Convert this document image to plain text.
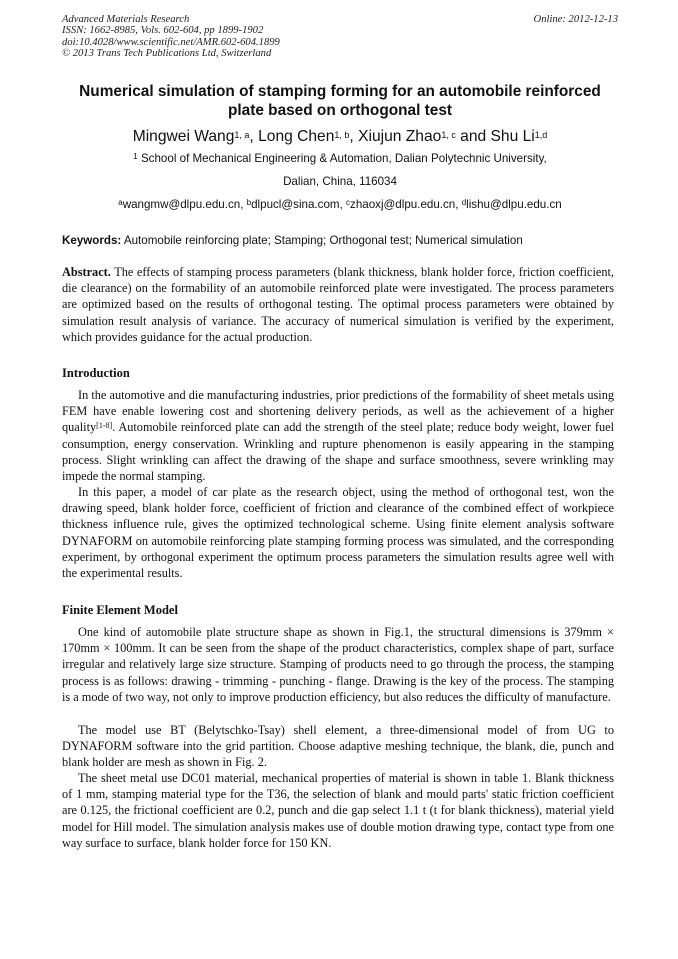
Advanced Materials Research
ISSN: 1662-8985, Vols. 602-604, pp 1899-1902
doi:10.4028/www.scientific.net/AMR.602-604.1899
© 2013 Trans Tech Publications Ltd, Switzerland
Online: 2012-12-13
Numerical simulation of stamping forming for an automobile reinforced plate based on orthogonal test
Mingwei Wang$^{1, a}$, Long Chen$^{1, b}$, Xiujun Zhao$^{1, c}$ and Shu Li$^{1,d}$
$^1$ School of Mechanical Engineering & Automation, Dalian Polytechnic University,
Dalian, China, 116034
$^a$wangmw@dlpu.edu.cn, $^b$dlpucl@sina.com, $^c$zhaoxj@dlpu.edu.cn, $^d$lishu@dlpu.edu.cn
Keywords: Automobile reinforcing plate; Stamping; Orthogonal test; Numerical simulation
Abstract. The effects of stamping process parameters (blank thickness, blank holder force, friction coefficient, die clearance) on the formability of an automobile reinforced plate were investigated. The process parameters are optimized based on the results of orthogonal testing. The optimal process parameters were obtained by simulation result analysis of variance. The accuracy of numerical simulation is verified by the experiment, which provides guidance for the actual production.
Introduction
In the automotive and die manufacturing industries, prior predictions of the formability of sheet metals using FEM have enable lowering cost and shortening delivery periods, as well as the achievement of a higher quality[1-8]. Automobile reinforced plate can add the strength of the steel plate; reduce body weight, lower fuel consumption, energy conservation. Wrinkling and rupture phenomenon is easily appearing in the stamping process. Slight wrinkling can affect the drawing of the shape and surface smoothness, severe wrinkling may impede the normal stamping.
In this paper, a model of car plate as the research object, using the method of orthogonal test, won the drawing speed, blank holder force, coefficient of friction and clearance of the combined effect of workpiece thickness influence rule, gives the optimized technological scheme. Using finite element analysis software DYNAFORM on automobile reinforcing plate stamping forming process was simulated, and the corresponding experiment, by orthogonal experiment the optimum process parameters the simulation results agree well with the experimental results.
Finite Element Model
One kind of automobile plate structure shape as shown in Fig.1, the structural dimensions is 379mm × 170mm × 100mm. It can be seen from the shape of the product characteristics, complex shape of part, surface irregular and relatively large size structure. Stamping of products need to go through the process, the stamping process is as follows: drawing - trimming - punching - flange. Drawing is the key of the process. The stamping is a mode of two way, not only to improve production efficiency, but also reduces the difficulty of manufacture.
The model use BT (Belytschko-Tsay) shell element, a three-dimensional model of from UG to DYNAFORM software into the grid partition. Choose adaptive meshing technique, the blank, die, punch and blank holder are mesh as shown in Fig. 2.
The sheet metal use DC01 material, mechanical properties of material is shown in table 1. Blank thickness of 1 mm, stamping material type for the T36, the selection of blank and mould parts' static friction coefficient are 0.125, the frictional coefficient are 0.2, punch and die gap select 1.1 t (t for blank thickness), material yield model for Hill model. The simulation analysis makes use of double motion drawing type, contact type from one way surface to surface, blank holder force for 150 KN.
